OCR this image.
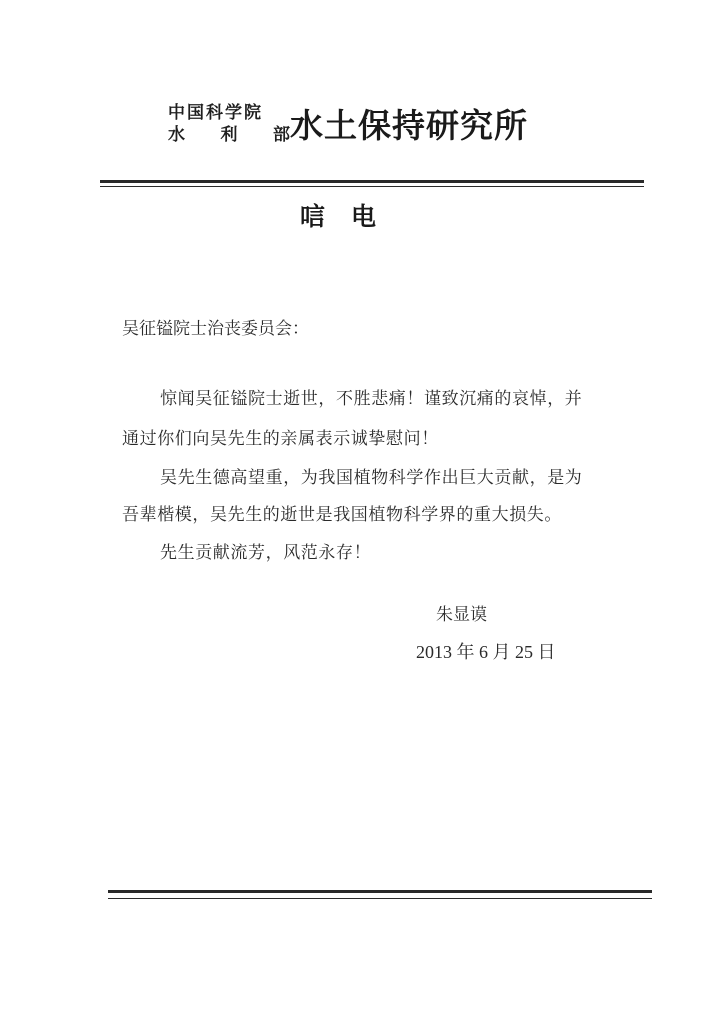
中国科学院
水 利 部 水土保持研究所
唁电
吴征镒院士治丧委员会：
惊闻吴征镒院士逝世，不胜悲痛！谨致沉痛的哀悼，并
通过你们向吴先生的亲属表示诚挚慰问！
吴先生德高望重，为我国植物科学作出巨大贡献，是为
吾辈楷模，吴先生的逝世是我国植物科学界的重大损失。
先生贡献流芳，风范永存！
朱显谟
2013 年 6 月 25 日
